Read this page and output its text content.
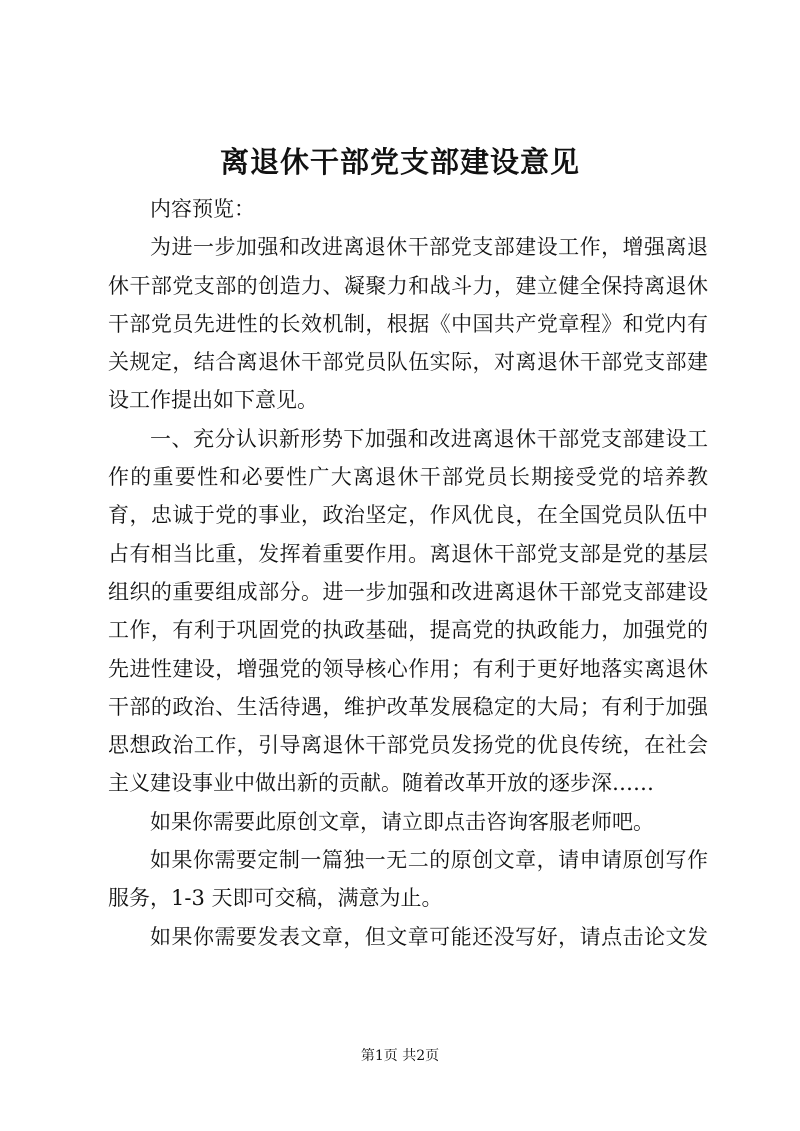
离退休干部党支部建设意见
内容预览：
为进一步加强和改进离退休干部党支部建设工作，增强离退
休干部党支部的创造力、凝聚力和战斗力，建立健全保持离退休
干部党员先进性的长效机制，根据《中国共产党章程》和党内有
关规定，结合离退休干部党员队伍实际，对离退休干部党支部建
设工作提出如下意见。
一、充分认识新形势下加强和改进离退休干部党支部建设工
作的重要性和必要性广大离退休干部党员长期接受党的培养教
育，忠诚于党的事业，政治坚定，作风优良，在全国党员队伍中
占有相当比重，发挥着重要作用。离退休干部党支部是党的基层
组织的重要组成部分。进一步加强和改进离退休干部党支部建设
工作，有利于巩固党的执政基础，提高党的执政能力，加强党的
先进性建设，增强党的领导核心作用；有利于更好地落实离退休
干部的政治、生活待遇，维护改革发展稳定的大局；有利于加强
思想政治工作，引导离退休干部党员发扬党的优良传统，在社会
主义建设事业中做出新的贡献。随着改革开放的逐步深……
如果你需要此原创文章，请立即点击咨询客服老师吧。
如果你需要定制一篇独一无二的原创文章，请申请原创写作
服务，1-3 天即可交稿，满意为止。
如果你需要发表文章，但文章可能还没写好，请点击论文发
第1页 共2页
